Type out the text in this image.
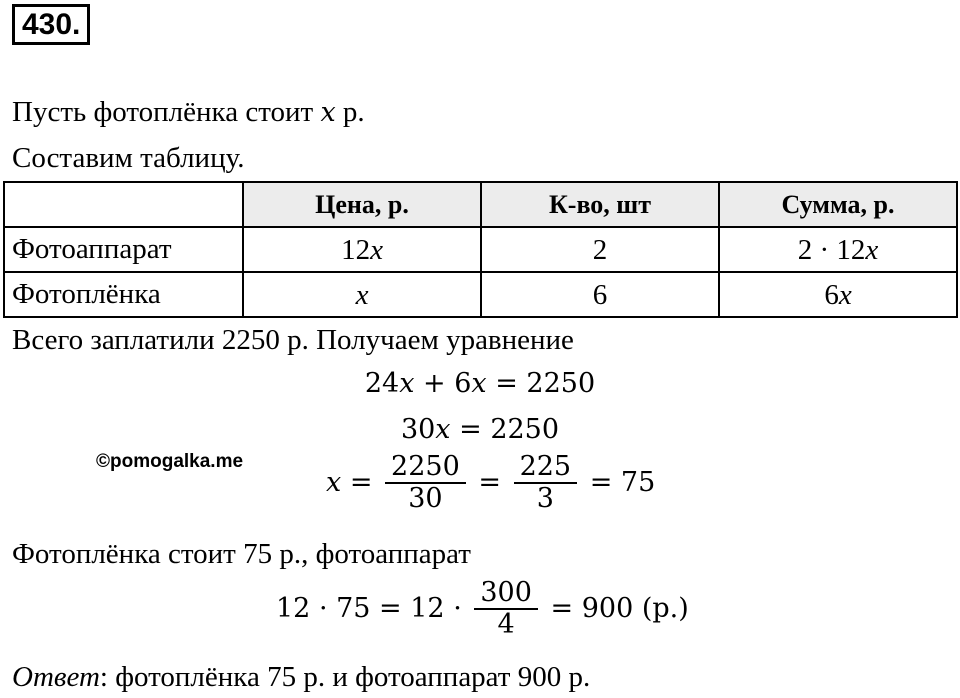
430.
Пусть фотоплёнка стоит x р.
Составим таблицу.
	Цена, р.	К-во, шт	Сумма, р.
Фотоаппарат	12x	2	2 · 12x
Фотоплёнка	x	6	6x
Всего заплатили 2250 р. Получаем уравнение
24x + 6x = 2250
30x = 2250
©pomogalka.me
$x = \frac{2250}{30} = \frac{225}{3} = 75$
Фотоплёнка стоит 75 р., фотоаппарат
$12 \cdot 75 = 12 \cdot \frac{300}{4} = 900$ (р.)
Ответ: фотоплёнка 75 р. и фотоаппарат 900 р.
